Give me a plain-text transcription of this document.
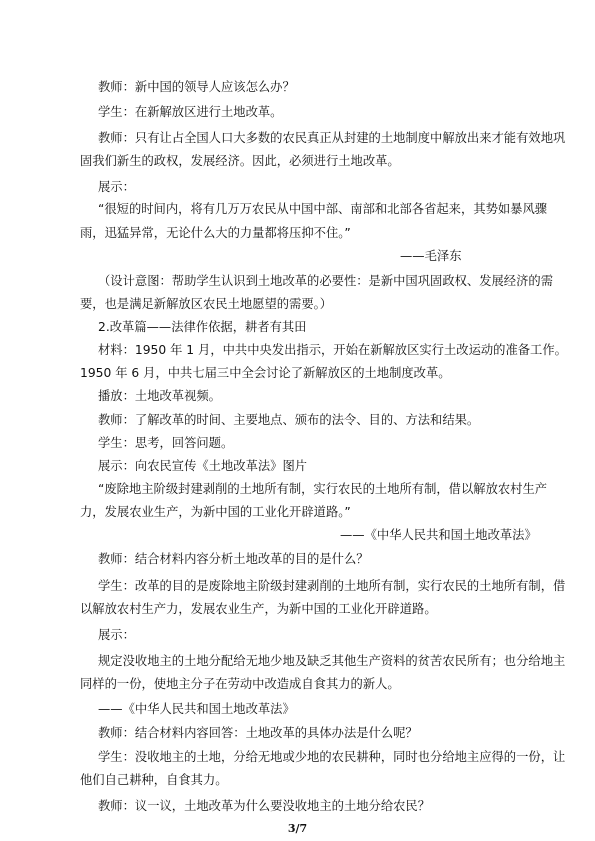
教师：新中国的领导人应该怎么办？
学生：在新解放区进行土地改革。
教师：只有让占全国人口大多数的农民真正从封建的土地制度中解放出来才能有效地巩
固我们新生的政权，发展经济。因此，必须进行土地改革。
展示：
“很短的时间内，将有几万万农民从中国中部、南部和北部各省起来，其势如暴风骤
雨，迅猛异常，无论什么大的力量都将压抑不住。”
——毛泽东
（设计意图：帮助学生认识到土地改革的必要性：是新中国巩固政权、发展经济的需
要，也是满足新解放区农民土地愿望的需要。）
2.改革篇——法律作依据，耕者有其田
材料：1950 年 1 月，中共中央发出指示，开始在新解放区实行土改运动的准备工作。
1950 年 6 月，中共七届三中全会讨论了新解放区的土地制度改革。
播放：土地改革视频。
教师：了解改革的时间、主要地点、颁布的法令、目的、方法和结果。
学生：思考，回答问题。
展示：向农民宣传《土地改革法》图片
“废除地主阶级封建剥削的土地所有制，实行农民的土地所有制，借以解放农村生产
力，发展农业生产，为新中国的工业化开辟道路。”
——《中华人民共和国土地改革法》
教师：结合材料内容分析土地改革的目的是什么？
学生：改革的目的是废除地主阶级封建剥削的土地所有制，实行农民的土地所有制，借
以解放农村生产力，发展农业生产，为新中国的工业化开辟道路。
展示：
规定没收地主的土地分配给无地少地及缺乏其他生产资料的贫苦农民所有；也分给地主
同样的一份，使地主分子在劳动中改造成自食其力的新人。
——《中华人民共和国土地改革法》
教师：结合材料内容回答：土地改革的具体办法是什么呢？
学生：没收地主的土地，分给无地或少地的农民耕种，同时也分给地主应得的一份，让
他们自己耕种，自食其力。
教师：议一议，土地改革为什么要没收地主的土地分给农民？
3/7
